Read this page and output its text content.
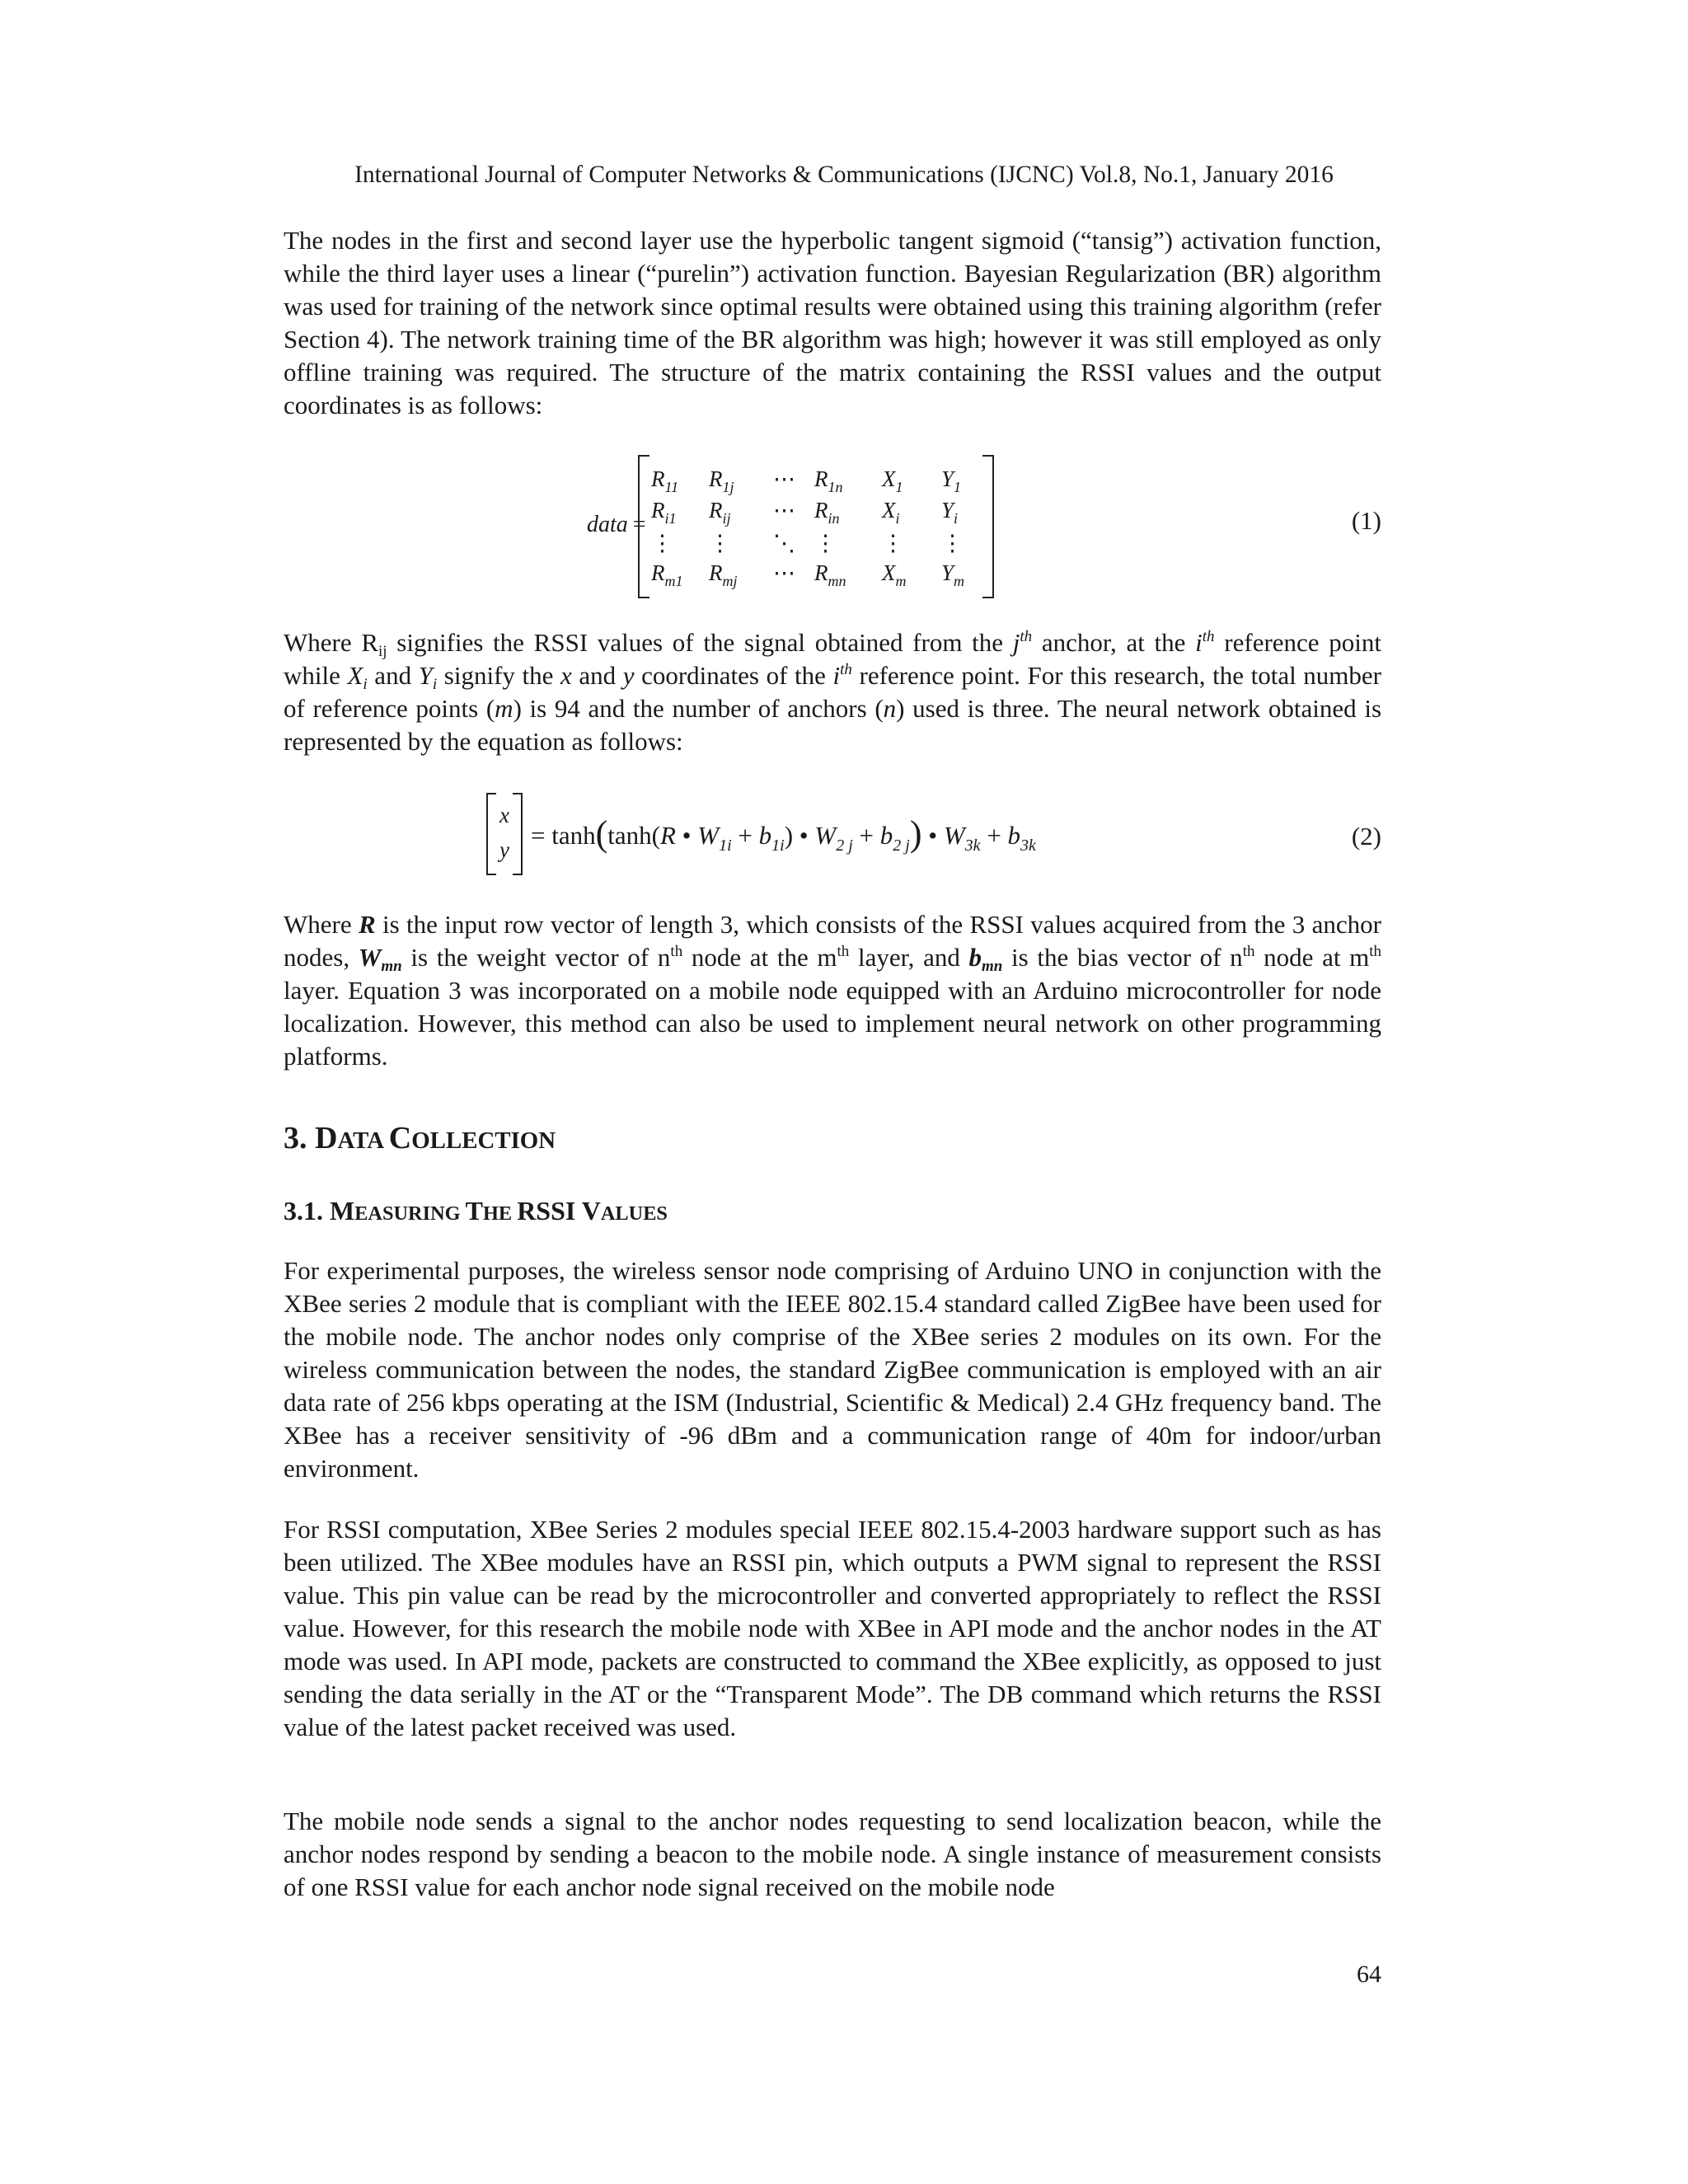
International Journal of Computer Networks & Communications (IJCNC) Vol.8, No.1, January 2016

The nodes in the first and second layer use the hyperbolic tangent sigmoid (“tansig”) activation function, while the third layer uses a linear (“purelin”) activation function. Bayesian Regularization (BR) algorithm was used for training of the network since optimal results were obtained using this training algorithm (refer Section 4). The network training time of the BR algorithm was high; however it was still employed as only offline training was required. The structure of the matrix containing the RSSI values and the output coordinates is as follows:

data =
$R_{11}$ $R_{1j}$ ⋯ $R_{1n}$ $X_1$ $Y_1$
$R_{i1}$ $R_{ij}$ ⋯ $R_{in}$ $X_i$ $Y_i$
⋮ ⋮ ⋱ ⋮ ⋮ ⋮
$R_{m1}$ $R_{mj}$ ⋯ $R_{mn}$ $X_m$ $Y_m$
(1)

Where $R_{ij}$ signifies the RSSI values of the signal obtained from the $j^{th}$ anchor, at the $i^{th}$ reference point while $X_i$ and $Y_i$ signify the x and y coordinates of the $i^{th}$ reference point. For this research, the total number of reference points (m) is 94 and the number of anchors (n) used is three. The neural network obtained is represented by the equation as follows:

x
y = tanh(tanh(R • $W_{1i} + b_{1i}$) • $W_{2 j} + b_{2 j}$) • $W_{3k} + b_{3k}$	(2)

Where R is the input row vector of length 3, which consists of the RSSI values acquired from the 3 anchor nodes, $W_{mn}$ is the weight vector of $n^{th}$ node at the $m^{th}$ layer, and $b_{mn}$ is the bias vector of $n^{th}$ node at $m^{th}$ layer. Equation 3 was incorporated on a mobile node equipped with an Arduino microcontroller for node localization. However, this method can also be used to implement neural network on other programming platforms.

3. DATA COLLECTION
3.1. MEASURING THE RSSI VALUES

For experimental purposes, the wireless sensor node comprising of Arduino UNO in conjunction with the XBee series 2 module that is compliant with the IEEE 802.15.4 standard called ZigBee have been used for the mobile node. The anchor nodes only comprise of the XBee series 2 modules on its own. For the wireless communication between the nodes, the standard ZigBee communication is employed with an air data rate of 256 kbps operating at the ISM (Industrial, Scientific & Medical) 2.4 GHz frequency band. The XBee has a receiver sensitivity of -96 dBm and a communication range of 40m for indoor/urban environment.

For RSSI computation, XBee Series 2 modules special IEEE 802.15.4-2003 hardware support such as has been utilized. The XBee modules have an RSSI pin, which outputs a PWM signal to represent the RSSI value. This pin value can be read by the microcontroller and converted appropriately to reflect the RSSI value. However, for this research the mobile node with XBee in API mode and the anchor nodes in the AT mode was used. In API mode, packets are constructed to command the XBee explicitly, as opposed to just sending the data serially in the AT or the “Transparent Mode”. The DB command which returns the RSSI value of the latest packet received was used.

The mobile node sends a signal to the anchor nodes requesting to send localization beacon, while the anchor nodes respond by sending a beacon to the mobile node. A single instance of measurement consists of one RSSI value for each anchor node signal received on the mobile node

64
